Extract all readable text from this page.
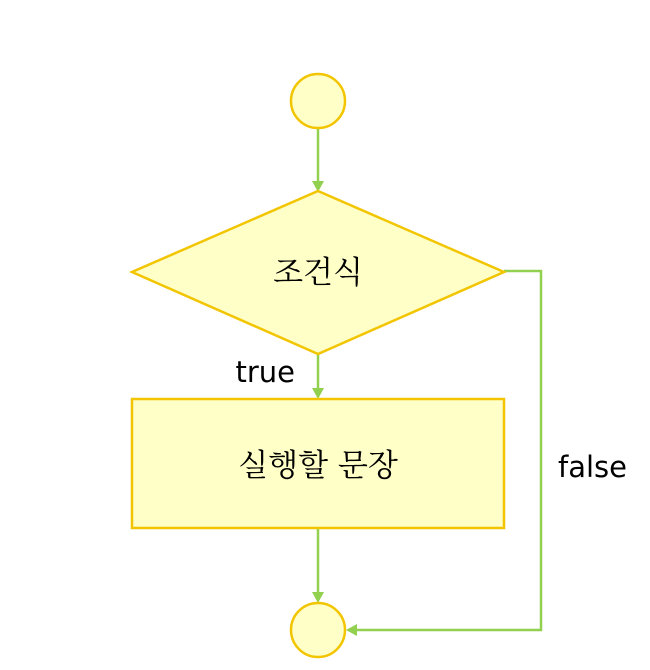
조건식
실행할 문장
true
false
